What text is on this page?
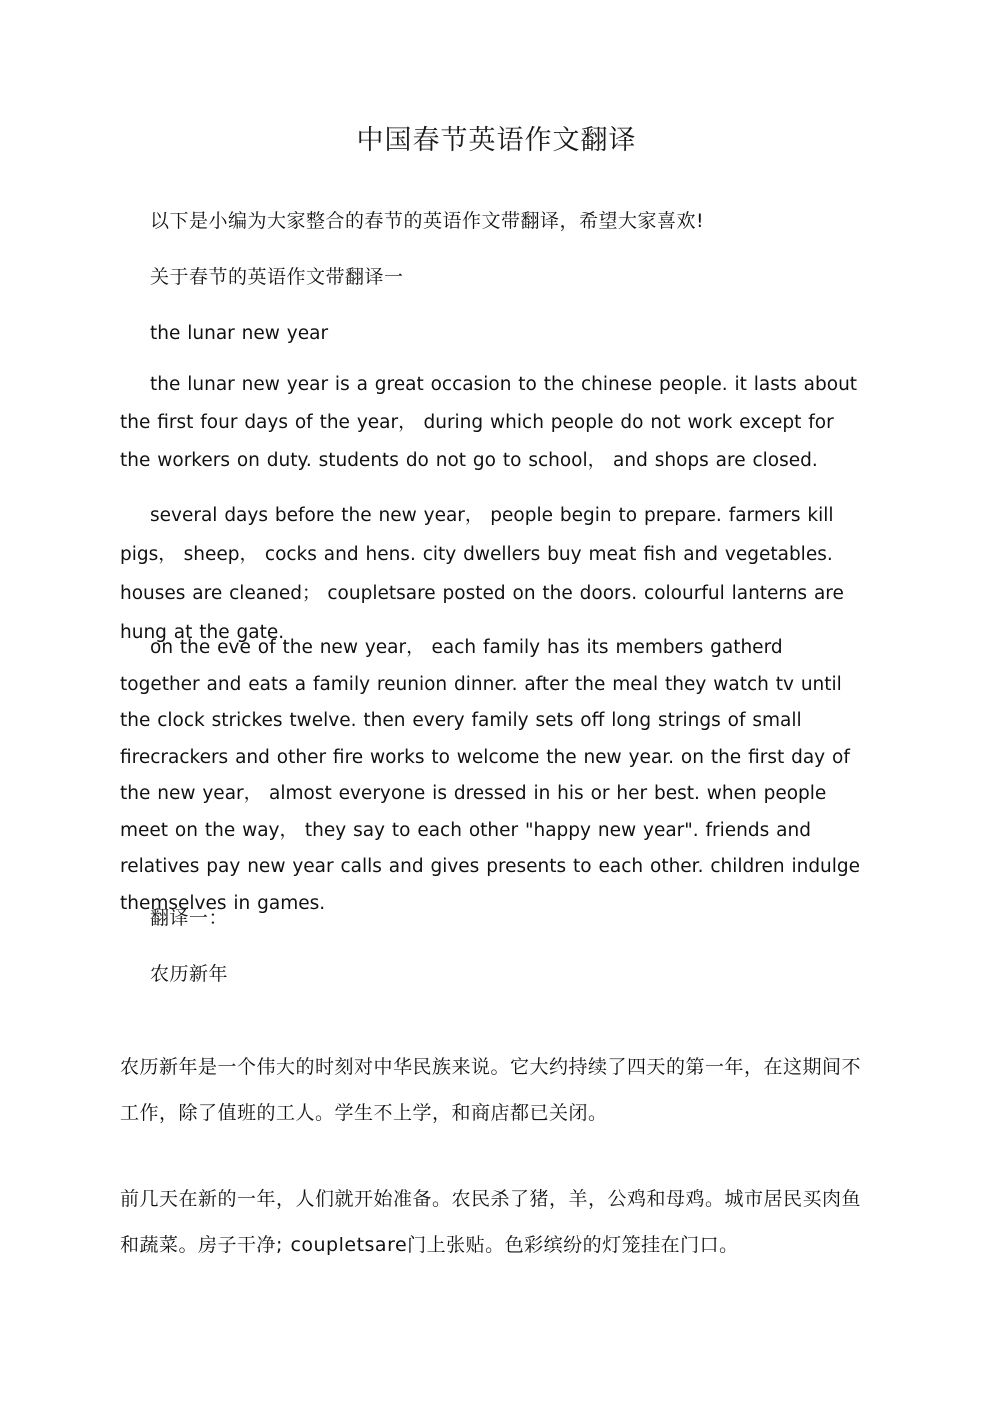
中国春节英语作文翻译

以下是小编为大家整合的春节的英语作文带翻译，希望大家喜欢!

关于春节的英语作文带翻译一

the lunar new year

the lunar new year is a great occasion to the chinese people. it lasts about the first four days of the year， during which people do not work except for the workers on duty. students do not go to school， and shops are closed.

several days before the new year， people begin to prepare. farmers kill pigs， sheep， cocks and hens. city dwellers buy meat fish and vegetables. houses are cleaned； coupletsare posted on the doors. colourful lanterns are hung at the gate.

on the eve of the new year， each family has its members gatherd together and eats a family reunion dinner. after the meal they watch tv until the clock strickes twelve. then every family sets off long strings of small firecrackers and other fire works to welcome the new year. on the first day of the new year， almost everyone is dressed in his or her best. when people meet on the way， they say to each other "happy new year". friends and relatives pay new year calls and gives presents to each other. children indulge themselves in games.

翻译一：

农历新年

农历新年是一个伟大的时刻对中华民族来说。它大约持续了四天的第一年，在这期间不工作，除了值班的工人。学生不上学，和商店都已关闭。

前几天在新的一年，人们就开始准备。农民杀了猪，羊，公鸡和母鸡。城市居民买肉鱼和蔬菜。房子干净; coupletsare门上张贴。色彩缤纷的灯笼挂在门口。
